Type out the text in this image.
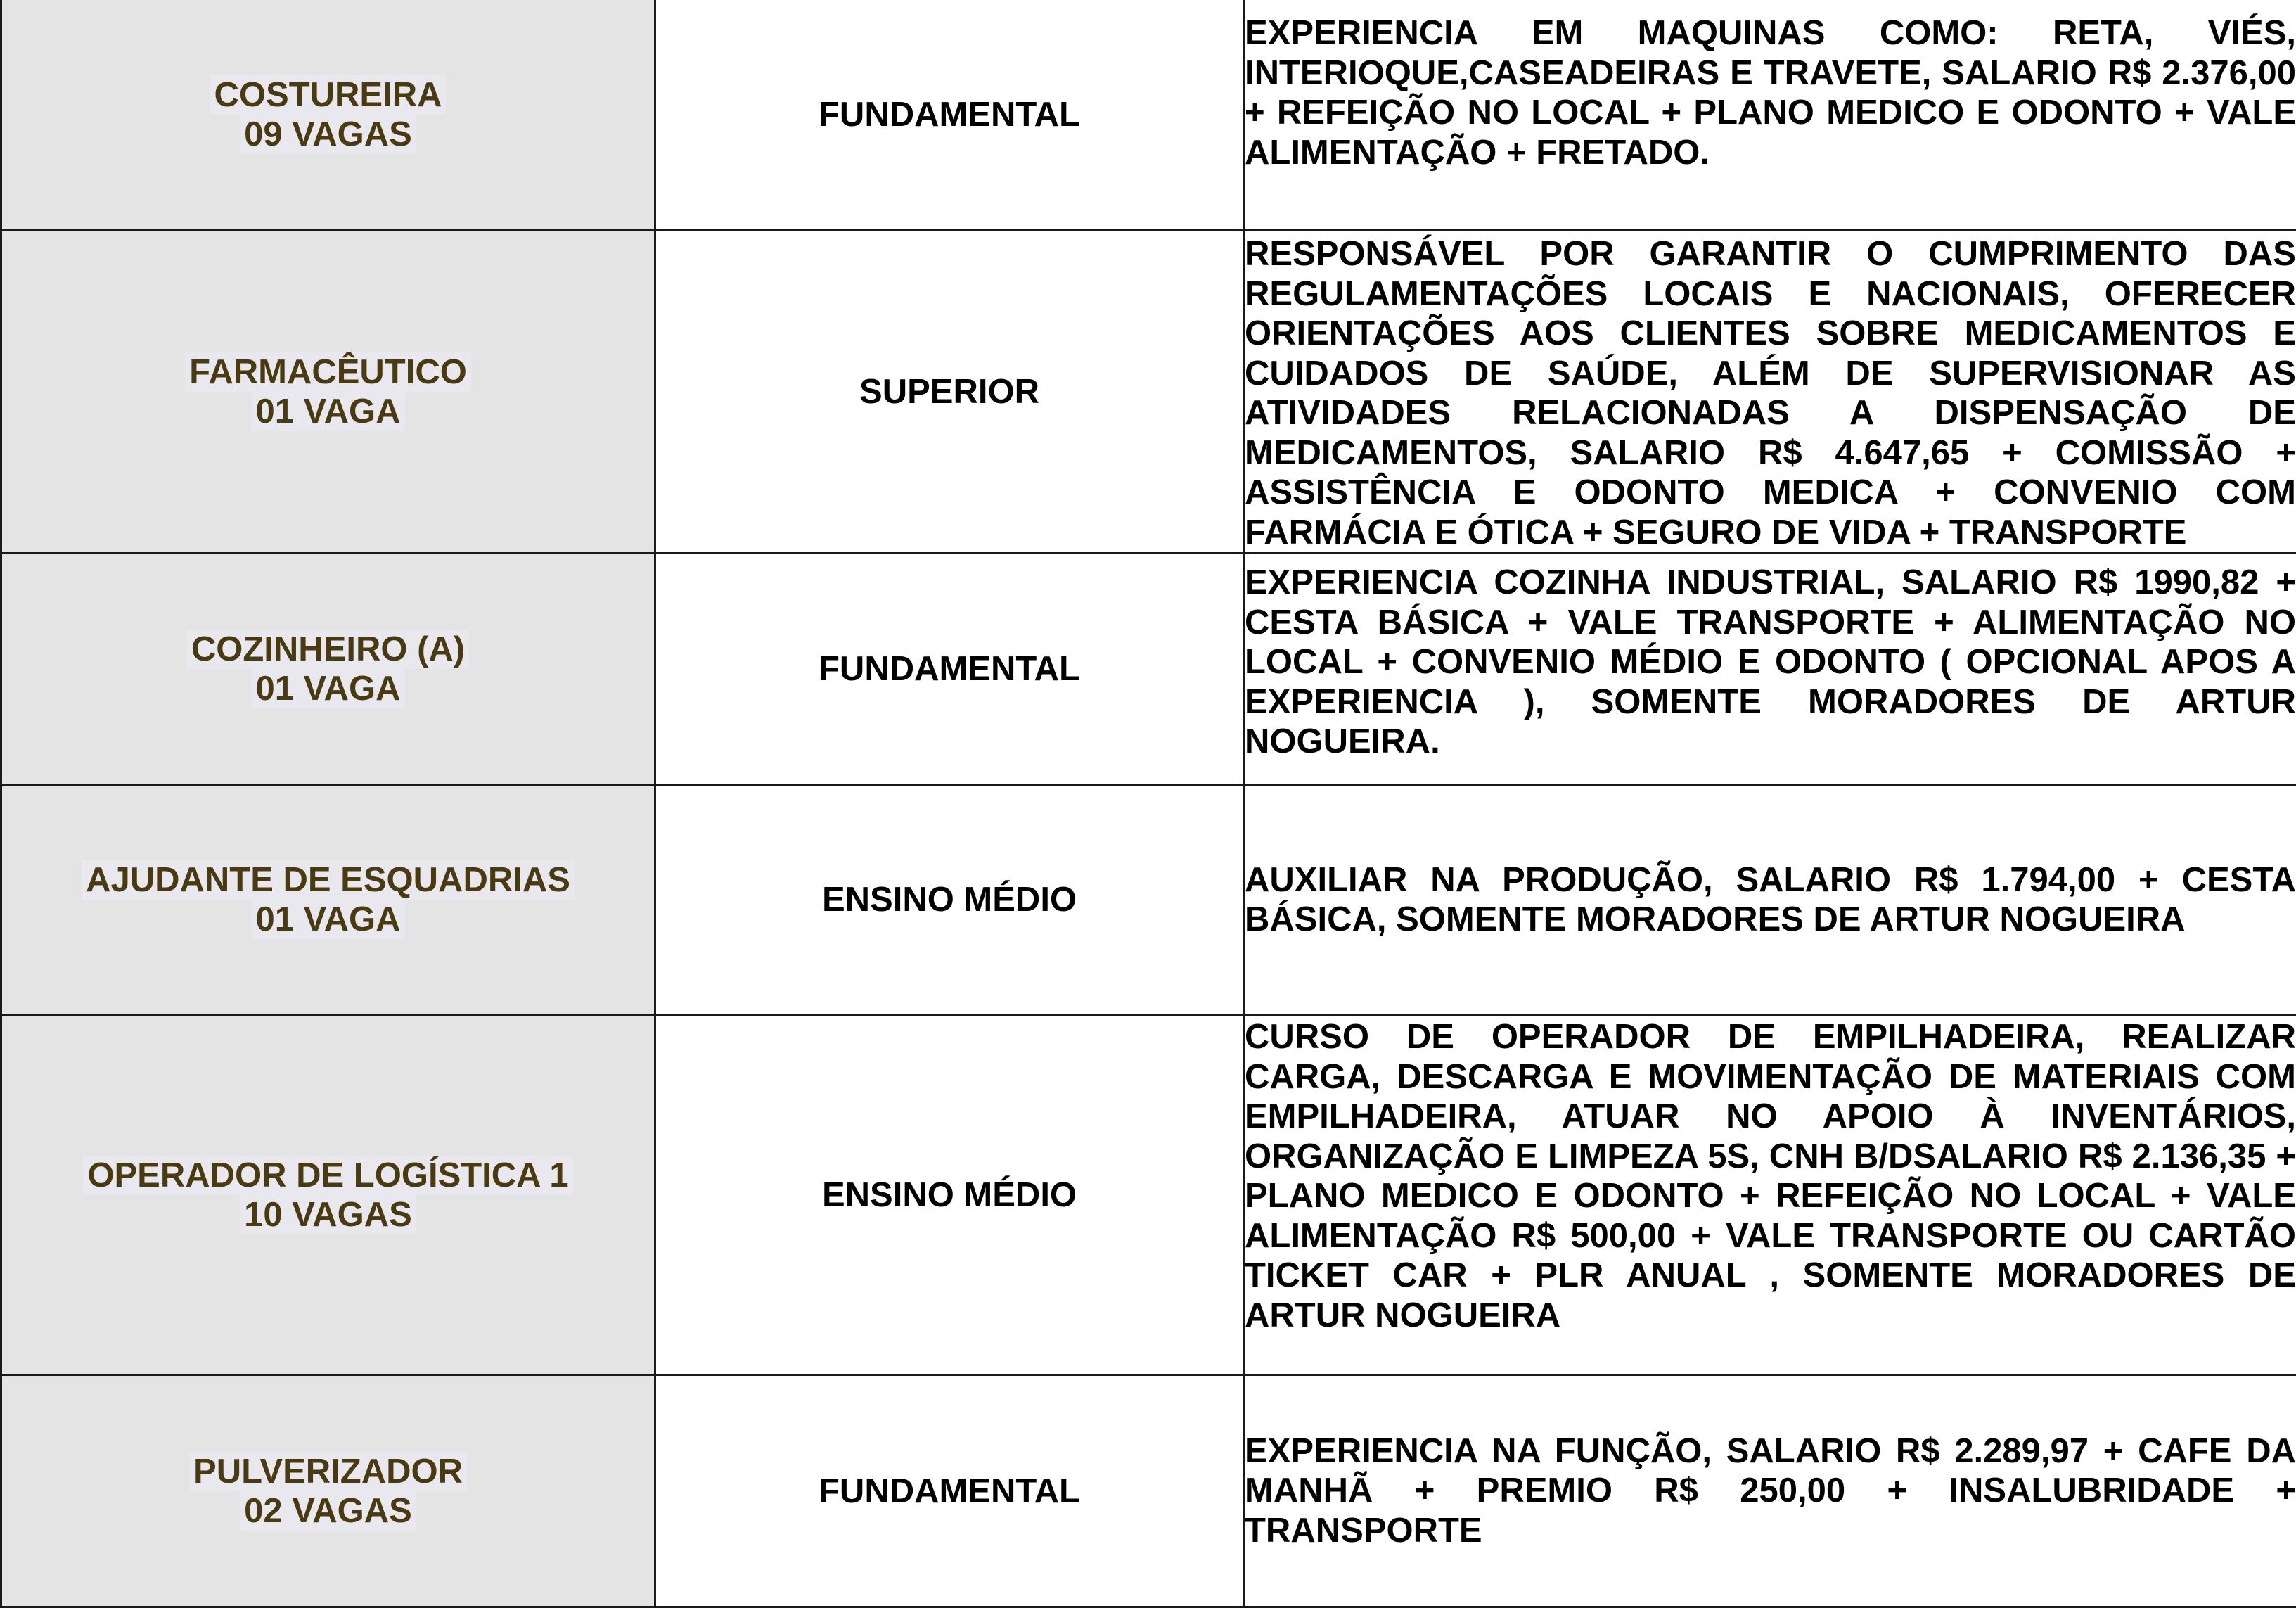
COSTUREIRA
09 VAGAS	FUNDAMENTAL	EXPERIENCIA EM MAQUINAS COMO: RETA, VIÉS, INTERIOQUE,CASEADEIRAS E TRAVETE, SALARIO R$ 2.376,00 + REFEIÇÃO NO LOCAL + PLANO MEDICO E ODONTO + VALE ALIMENTAÇÃO + FRETADO.

FARMACÊUTICO
01 VAGA	SUPERIOR	RESPONSÁVEL POR GARANTIR O CUMPRIMENTO DAS REGULAMENTAÇÕES LOCAIS E NACIONAIS, OFERECER ORIENTAÇÕES AOS CLIENTES SOBRE MEDICAMENTOS E CUIDADOS DE SAÚDE, ALÉM DE SUPERVISIONAR AS ATIVIDADES RELACIONADAS A DISPENSAÇÃO DE MEDICAMENTOS, SALARIO R$ 4.647,65 + COMISSÃO + ASSISTÊNCIA E ODONTO MEDICA + CONVENIO COM FARMÁCIA E ÓTICA + SEGURO DE VIDA + TRANSPORTE

COZINHEIRO (A)
01 VAGA	FUNDAMENTAL	EXPERIENCIA COZINHA INDUSTRIAL, SALARIO R$ 1990,82 + CESTA BÁSICA + VALE TRANSPORTE + ALIMENTAÇÃO NO LOCAL + CONVENIO MÉDIO E ODONTO ( OPCIONAL APOS A EXPERIENCIA ), SOMENTE MORADORES DE ARTUR NOGUEIRA.

AJUDANTE DE ESQUADRIAS
01 VAGA	ENSINO MÉDIO	AUXILIAR NA PRODUÇÃO, SALARIO R$ 1.794,00 + CESTA BÁSICA, SOMENTE MORADORES DE ARTUR NOGUEIRA

OPERADOR DE LOGÍSTICA 1
10 VAGAS	ENSINO MÉDIO	CURSO DE OPERADOR DE EMPILHADEIRA, REALIZAR CARGA, DESCARGA E MOVIMENTAÇÃO DE MATERIAIS COM EMPILHADEIRA, ATUAR NO APOIO À INVENTÁRIOS, ORGANIZAÇÃO E LIMPEZA 5S, CNH B/DSALARIO R$ 2.136,35 + PLANO MEDICO E ODONTO + REFEIÇÃO NO LOCAL + VALE ALIMENTAÇÃO R$ 500,00 + VALE TRANSPORTE OU CARTÃO TICKET CAR + PLR ANUAL , SOMENTE MORADORES DE ARTUR NOGUEIRA

PULVERIZADOR
02 VAGAS	FUNDAMENTAL	EXPERIENCIA NA FUNÇÃO, SALARIO R$ 2.289,97 + CAFE DA MANHÃ + PREMIO R$ 250,00 + INSALUBRIDADE + TRANSPORTE
